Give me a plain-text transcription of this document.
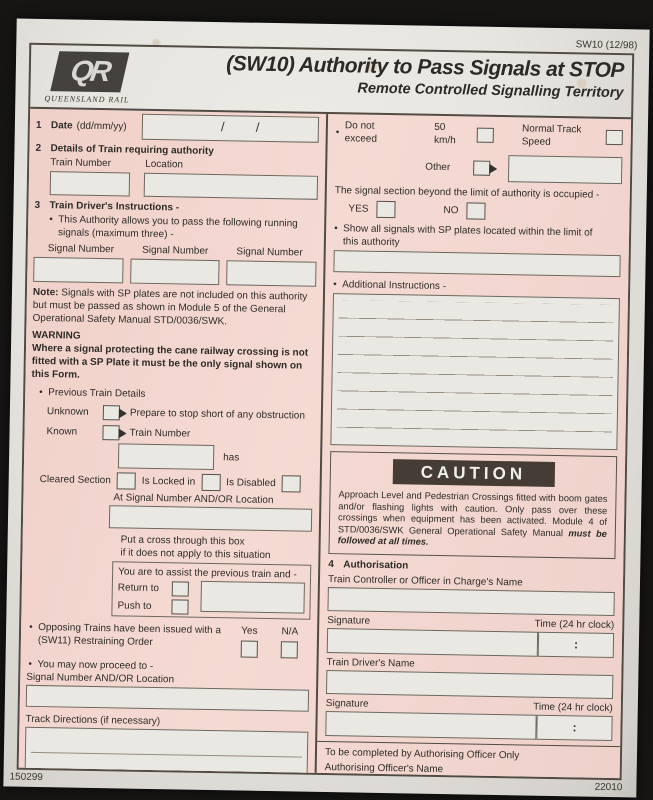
SW10 (12/98)
QR
QUEENSLAND RAIL
(SW10) Authority to Pass Signals at STOP
Remote Controlled Signalling Territory
1 Date (dd/mm/yy)	/ /
2 Details of Train requiring authority
Train Number	Location
3 Train Driver's Instructions -
• This Authority allows you to pass the following running signals (maximum three) -
Signal Number	Signal Number	Signal Number
Note: Signals with SP plates are not included on this authority but must be passed as shown in Module 5 of the General Operational Safety Manual STD/0036/SWK.
WARNING
Where a signal protecting the cane railway crossing is not fitted with a SP Plate it must be the only signal shown on this Form.
• Previous Train Details
Unknown	Prepare to stop short of any obstruction
Known	Train Number
has
Cleared Section	Is Locked in	Is Disabled
At Signal Number AND/OR Location
Put a cross through this box
if it does not apply to this situation
You are to assist the previous train and -
Return to
Push to
• Opposing Trains have been issued with a
(SW11) Restraining Order
Yes N/A
• You may now proceed to -
Signal Number AND/OR Location
Track Directions (if necessary)
•
Do not exceed
50 km/h
Normal Track Speed
Other
The signal section beyond the limit of authority is occupied -
YES	NO
• Show all signals with SP plates located within the limit of this authority
• Additional Instructions -
CAUTION
Approach Level and Pedestrian Crossings fitted with boom gates and/or flashing lights with caution. Only pass over these crossings when equipment has been activated. Module 4 of STD/0036/SWK General Operational Safety Manual must be followed at all times.
4 Authorisation
Train Controller or Officer in Charge's Name
Signature	Time (24 hr clock)
:
Train Driver's Name
Signature	Time (24 hr clock)
:
To be completed by Authorising Officer Only
Authorising Officer's Name
150299
22010
